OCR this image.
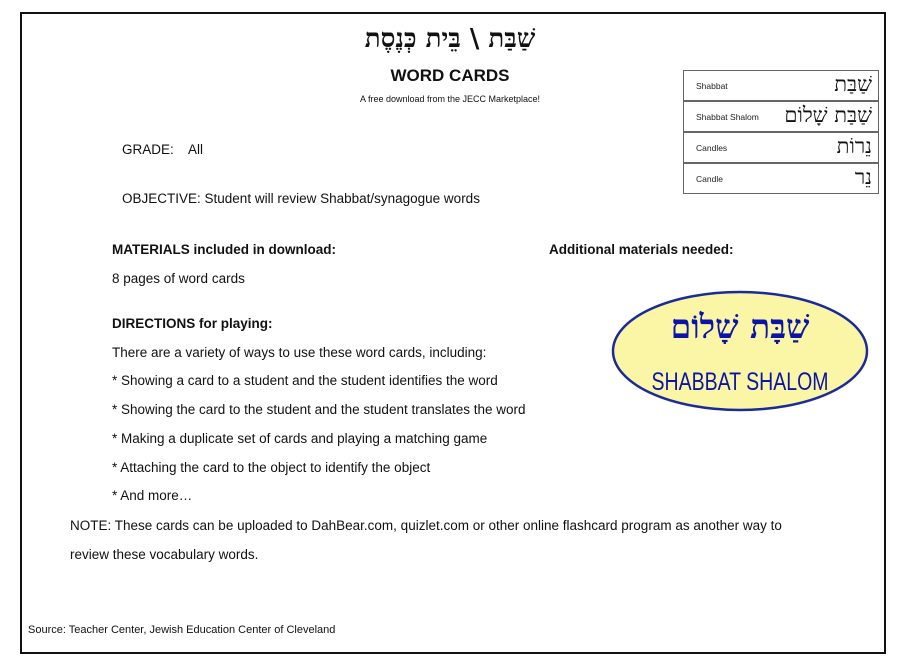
שַׁבַּת \ בֵּית כְּנֶסֶת
WORD CARDS
A free download from the JECC Marketplace!
Shabbat	שַׁבַּת
Shabbat Shalom שַׁבַּת שָׁלוֹם
Candles	נֵרוֹת
Candle	נֵר
GRADE: All
OBJECTIVE: Student will review Shabbat/synagogue words
MATERIALS included in download:	Additional materials needed:
8 pages of word cards
DIRECTIONS for playing:
There are a variety of ways to use these word cards, including:
* Showing a card to a student and the student identifies the word
* Showing the card to the student and the student translates the word
* Making a duplicate set of cards and playing a matching game
* Attaching the card to the object to identify the object
* And more…
NOTE: These cards can be uploaded to DahBear.com, quizlet.com or other online flashcard program as another way to
review these vocabulary words.
Source: Teacher Center, Jewish Education Center of Cleveland
שַׁבָּת שָׁלוֹם
SHABBAT SHALOM
